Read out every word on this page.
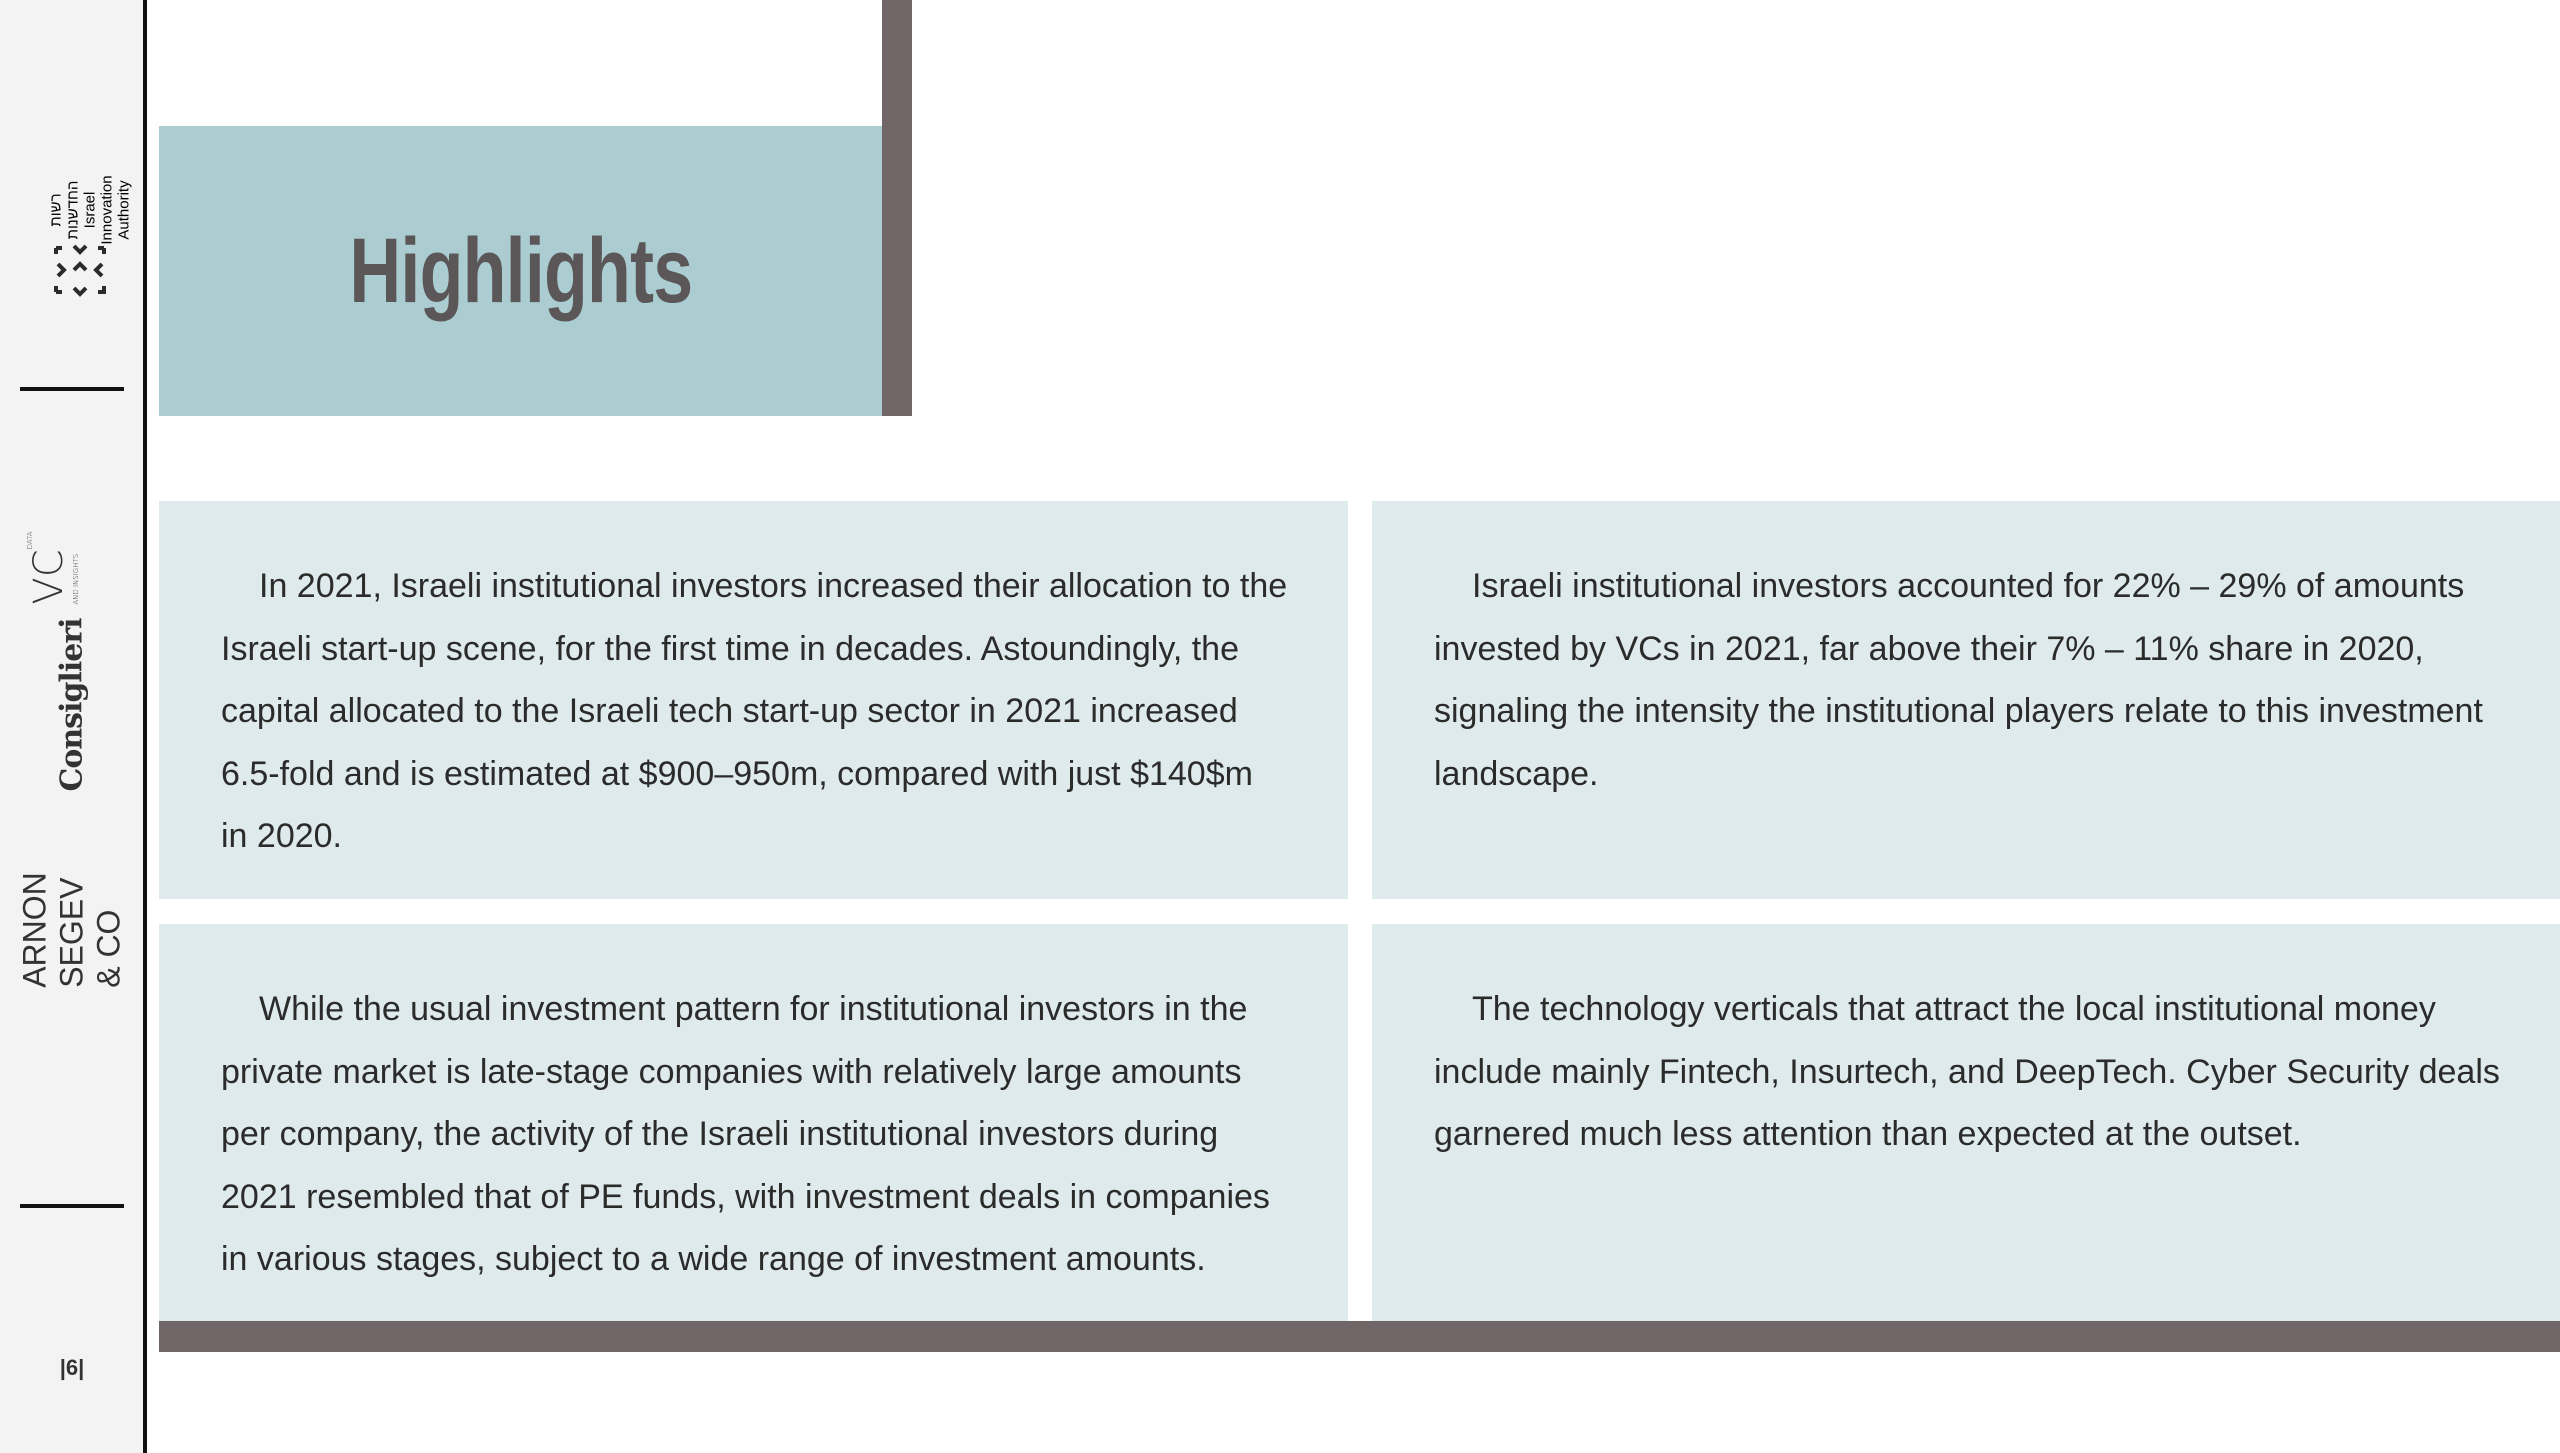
רשות החדשנות Israel Innovation Authority
$VC^{DATA AND INSIGHTS}$
Consiglieri
ARNON SEGEV & CO
|6|
Highlights

In 2021, Israeli institutional investors increased their allocation to the Israeli start-up scene, for the first time in decades. Astoundingly, the capital allocated to the Israeli tech start-up sector in 2021 increased 6.5-fold and is estimated at $900–950m, compared with just $140$m in 2020.

Israeli institutional investors accounted for 22% – 29% of amounts invested by VCs in 2021, far above their 7% – 11% share in 2020, signaling the intensity the institutional players relate to this investment landscape.

While the usual investment pattern for institutional investors in the private market is late-stage companies with relatively large amounts per company, the activity of the Israeli institutional investors during 2021 resembled that of PE funds, with investment deals in companies in various stages, subject to a wide range of investment amounts.

The technology verticals that attract the local institutional money include mainly Fintech, Insurtech, and DeepTech. Cyber Security deals garnered much less attention than expected at the outset.
